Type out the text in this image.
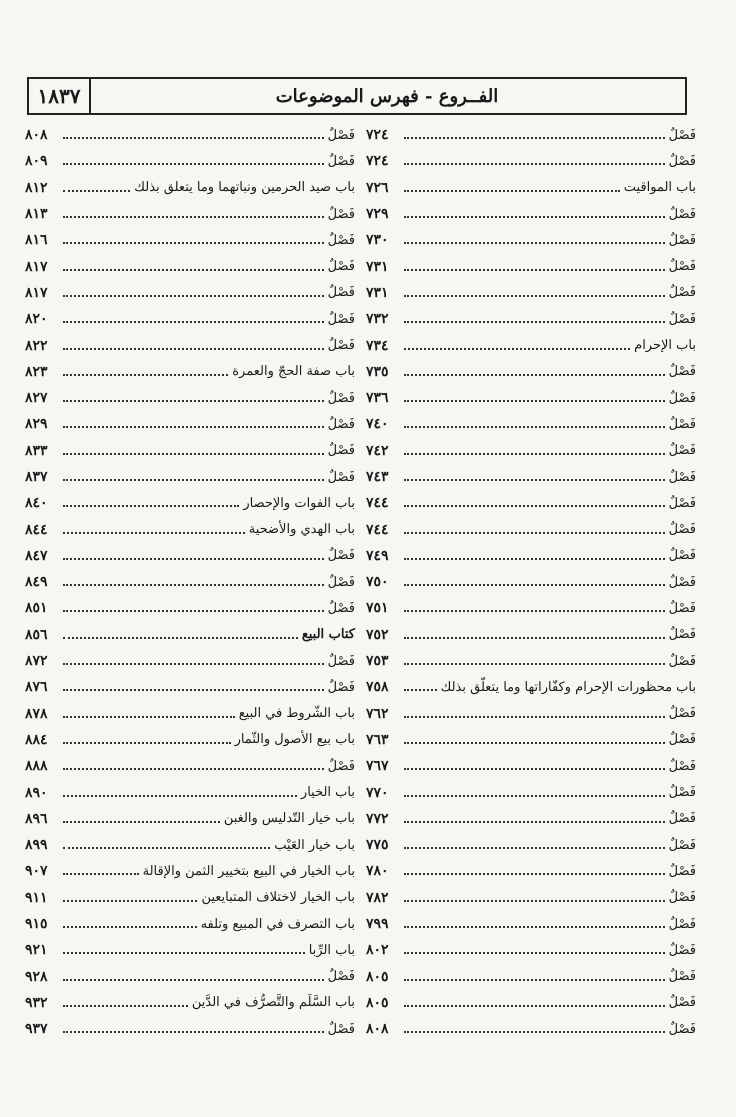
١٨٣٧	الفــروع - فهرس الموضوعات
فَصْلٌ
٧٢٤
فَصْلٌ
٧٢٤
باب المواقيت
٧٢٦
فَصْلٌ
٧٢٩
فَصْلٌ
٧٣٠
فَصْلٌ
٧٣١
فَصْلٌ
٧٣١
فَصْلٌ
٧٣٢
باب الإحرام
٧٣٤
فَصْلٌ
٧٣٥
فَصْلٌ
٧٣٦
فَصْلٌ
٧٤٠
فَصْلٌ
٧٤٢
فَصْلٌ
٧٤٣
فَصْلٌ
٧٤٤
فَصْلٌ
٧٤٤
فَصْلٌ
٧٤٩
فَصْلٌ
٧٥٠
فَصْلٌ
٧٥١
فَصْلٌ
٧٥٢
فَصْلٌ
٧٥٣
باب محظورات الإحرام وكفّاراتها وما يتعلّق بذلك
٧٥٨
فَصْلٌ
٧٦٢
فَصْلٌ
٧٦٣
فَصْلٌ
٧٦٧
فَصْلٌ
٧٧٠
فَصْلٌ
٧٧٢
فَصْلٌ
٧٧٥
فَصْلٌ
٧٨٠
فَصْلٌ
٧٨٢
فَصْلٌ
٧٩٩
فَصْلٌ
٨٠٢
فَصْلٌ
٨٠٥
فَصْلٌ
٨٠٥
فَصْلٌ
٨٠٨
فَصْلٌ
٨٠٨
فَصْلٌ
٨٠٩
باب صيد الحرمين ونباتهما وما يتعلق بذلك
٨١٢
فَصْلٌ
٨١٣
فَصْلٌ
٨١٦
فَصْلٌ
٨١٧
فَصْلٌ
٨١٧
فَصْلٌ
٨٢٠
فَصْلٌ
٨٢٢
باب صفة الحجّ والعمرة
٨٢٣
فَصْلٌ
٨٢٧
فَصْلٌ
٨٢٩
فَصْلٌ
٨٣٣
فَصْلٌ
٨٣٧
باب الفوات والإحصار
٨٤٠
باب الهدي والأضحية
٨٤٤
فَصْلٌ
٨٤٧
فَصْلٌ
٨٤٩
فَصْلٌ
٨٥١
كتاب البيع
٨٥٦
فَصْلٌ
٨٧٢
فَصْلٌ
٨٧٦
باب الشّروط في البيع
٨٧٨
باب بيع الأصول والثّمار
٨٨٤
فَصْلٌ
٨٨٨
باب الخيار
٨٩٠
باب خيار التّدليس والغبن
٨٩٦
باب خيار العَيْب
٨٩٩
باب الخيار في البيع بتخيير الثمن والإقالة
٩٠٧
باب الخيار لاختلاف المتبايعين
٩١١
باب التصرف في المبيع وتلفه
٩١٥
باب الرِّبا
٩٢١
فَصْلٌ
٩٢٨
باب السَّلَم والتَّصرُّف في الدَّين
٩٣٢
فَصْلٌ
٩٣٧
